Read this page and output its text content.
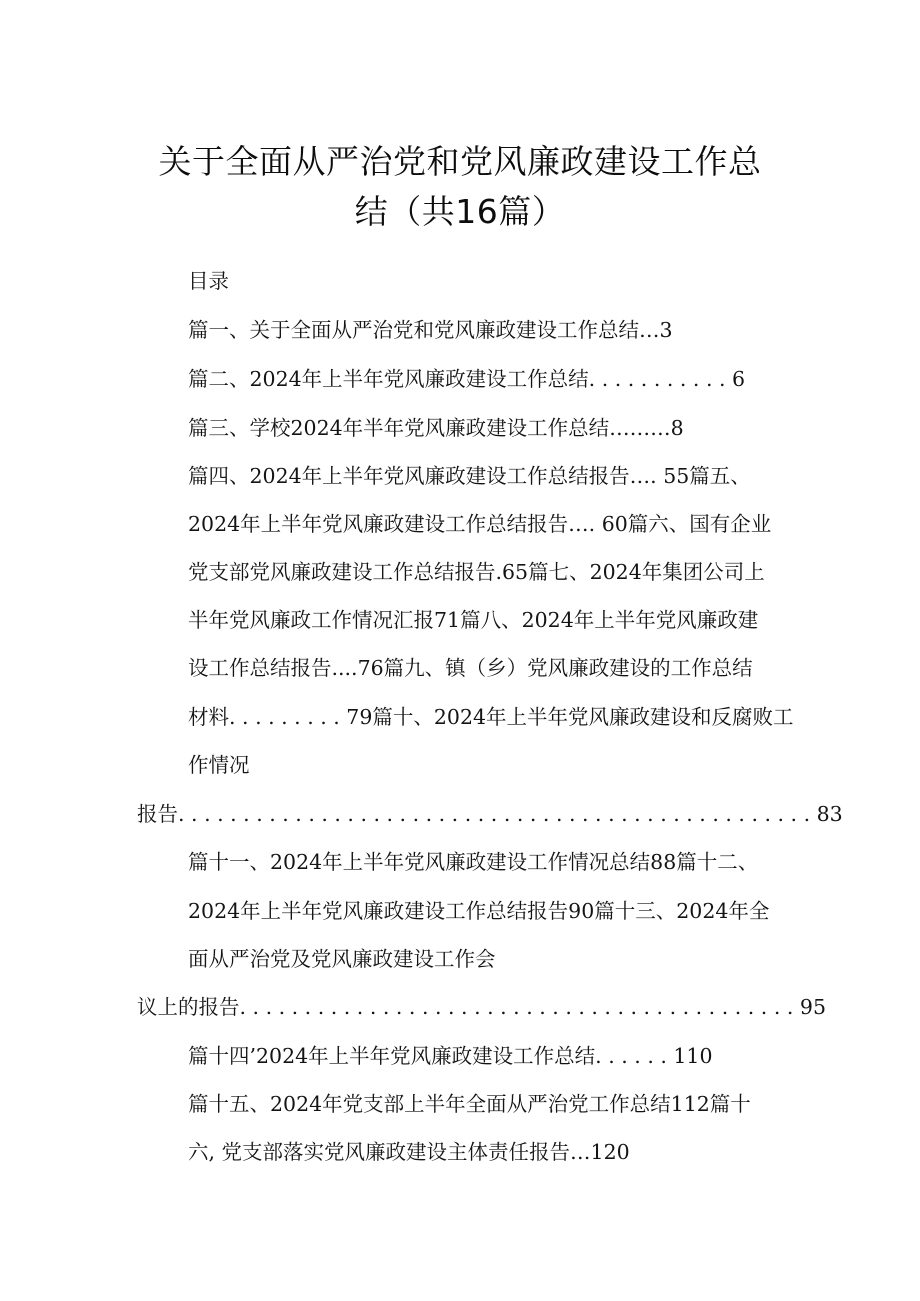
关于全面从严治党和党风廉政建设工作总
结（共16篇）
目录
篇一、关于全面从严治党和党风廉政建设工作总结…3
篇二、2024年上半年党风廉政建设工作总结. . . . . . . . . . . 6
篇三、学校2024年半年党风廉政建设工作总结………8
篇四、2024年上半年党风廉政建设工作总结报告…. 55篇五、
2024年上半年党风廉政建设工作总结报告…. 60篇六、国有企业
党支部党风廉政建设工作总结报告.65篇七、2024年集团公司上
半年党风廉政工作情况汇报71篇八、2024年上半年党风廉政建
设工作总结报告....76篇九、镇（乡）党风廉政建设的工作总结
材料. . . . . . . . . 79篇十、2024年上半年党风廉政建设和反腐败工
作情况
报告. . . . . . . . . . . . . . . . . . . . . . . . . . . . . . . . . . . . . . . . . . . . . . . . . 83
篇十一、2024年上半年党风廉政建设工作情况总结88篇十二、
2024年上半年党风廉政建设工作总结报告90篇十三、2024年全
面从严治党及党风廉政建设工作会
议上的报告. . . . . . . . . . . . . . . . . . . . . . . . . . . . . . . . . . . . . . . . . . . 95
篇十四’2024年上半年党风廉政建设工作总结. . . . . . 110
篇十五、2024年党支部上半年全面从严治党工作总结112篇十
六, 党支部落实党风廉政建设主体责任报告…120
